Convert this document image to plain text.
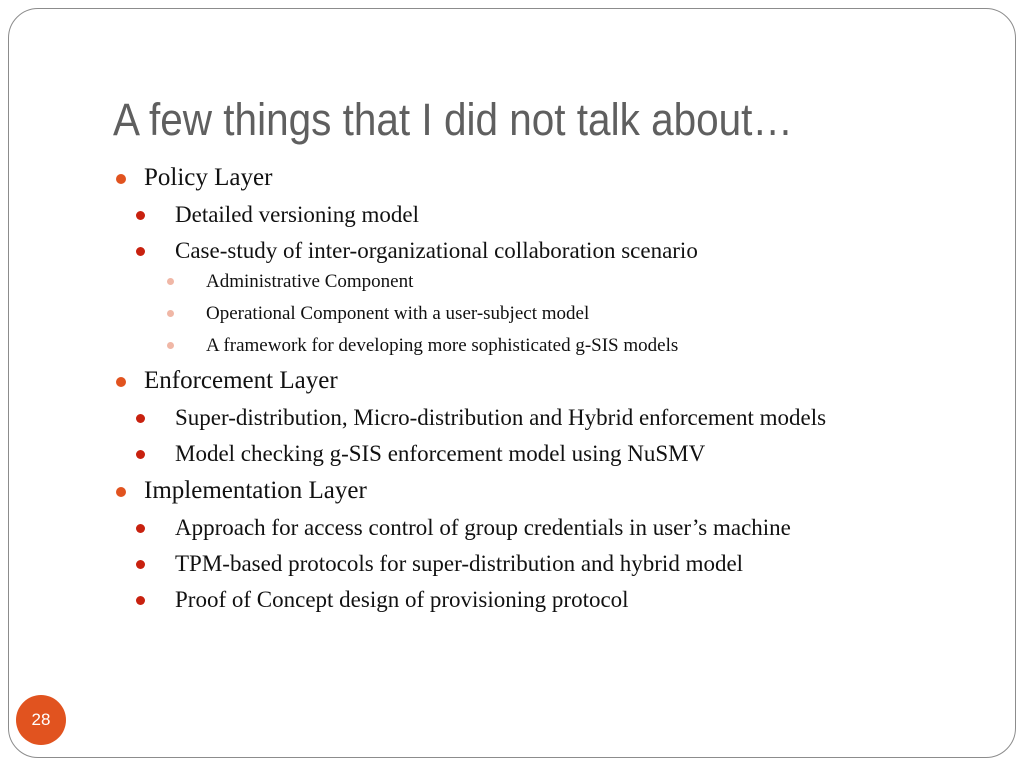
A few things that I did not talk about…
Policy Layer
Detailed versioning model
Case-study of inter-organizational collaboration scenario
Administrative Component
Operational Component with a user-subject model
A framework for developing more sophisticated g-SIS models
Enforcement Layer
Super-distribution, Micro-distribution and Hybrid enforcement models
Model checking g-SIS enforcement model using NuSMV
Implementation Layer
Approach for access control of group credentials in user’s machine
TPM-based protocols for super-distribution and hybrid model
Proof of Concept design of provisioning protocol
28
